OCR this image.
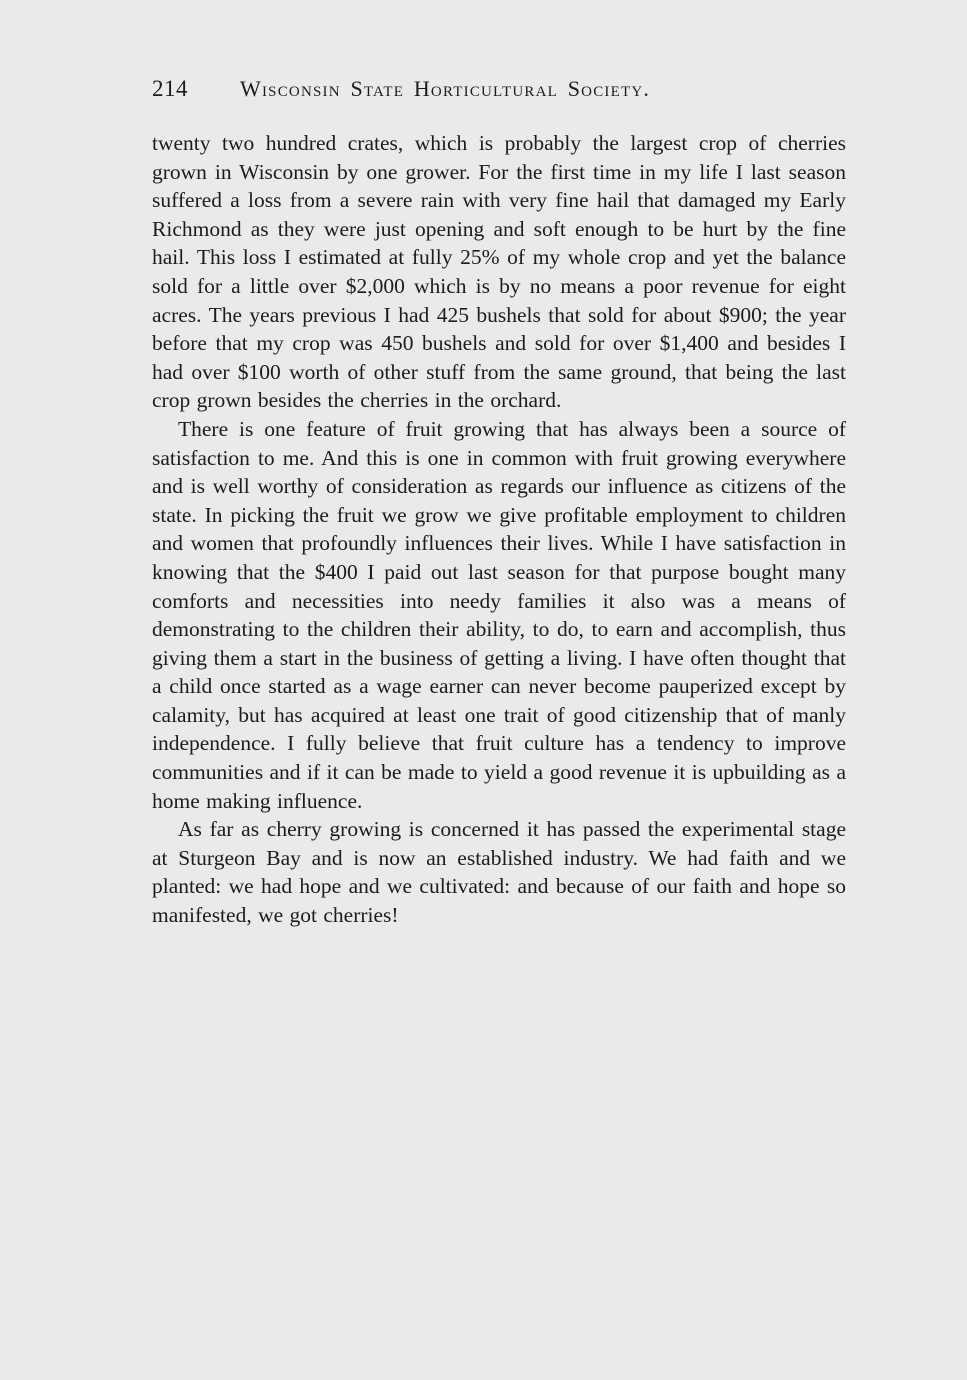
214 Wisconsin State Horticultural Society.

twenty two hundred crates, which is probably the largest crop of cherries grown in Wisconsin by one grower. For the first time in my life I last season suffered a loss from a severe rain with very fine hail that damaged my Early Richmond as they were just opening and soft enough to be hurt by the fine hail. This loss I estimated at fully 25% of my whole crop and yet the balance sold for a little over $2,000 which is by no means a poor revenue for eight acres. The years previous I had 425 bushels that sold for about $900; the year before that my crop was 450 bushels and sold for over $1,400 and besides I had over $100 worth of other stuff from the same ground, that being the last crop grown besides the cherries in the orchard.

There is one feature of fruit growing that has always been a source of satisfaction to me. And this is one in common with fruit growing everywhere and is well worthy of consideration as regards our influence as citizens of the state. In picking the fruit we grow we give profitable employment to children and women that profoundly influences their lives. While I have satisfaction in knowing that the $400 I paid out last season for that purpose bought many comforts and necessities into needy families it also was a means of demonstrating to the children their ability, to do, to earn and accomplish, thus giving them a start in the business of getting a living. I have often thought that a child once started as a wage earner can never become pauperized except by calamity, but has acquired at least one trait of good citizenship that of manly independence. I fully believe that fruit culture has a tendency to improve communities and if it can be made to yield a good revenue it is upbuilding as a home making influence.

As far as cherry growing is concerned it has passed the experimental stage at Sturgeon Bay and is now an established industry. We had faith and we planted: we had hope and we cultivated: and because of our faith and hope so manifested, we got cherries!
